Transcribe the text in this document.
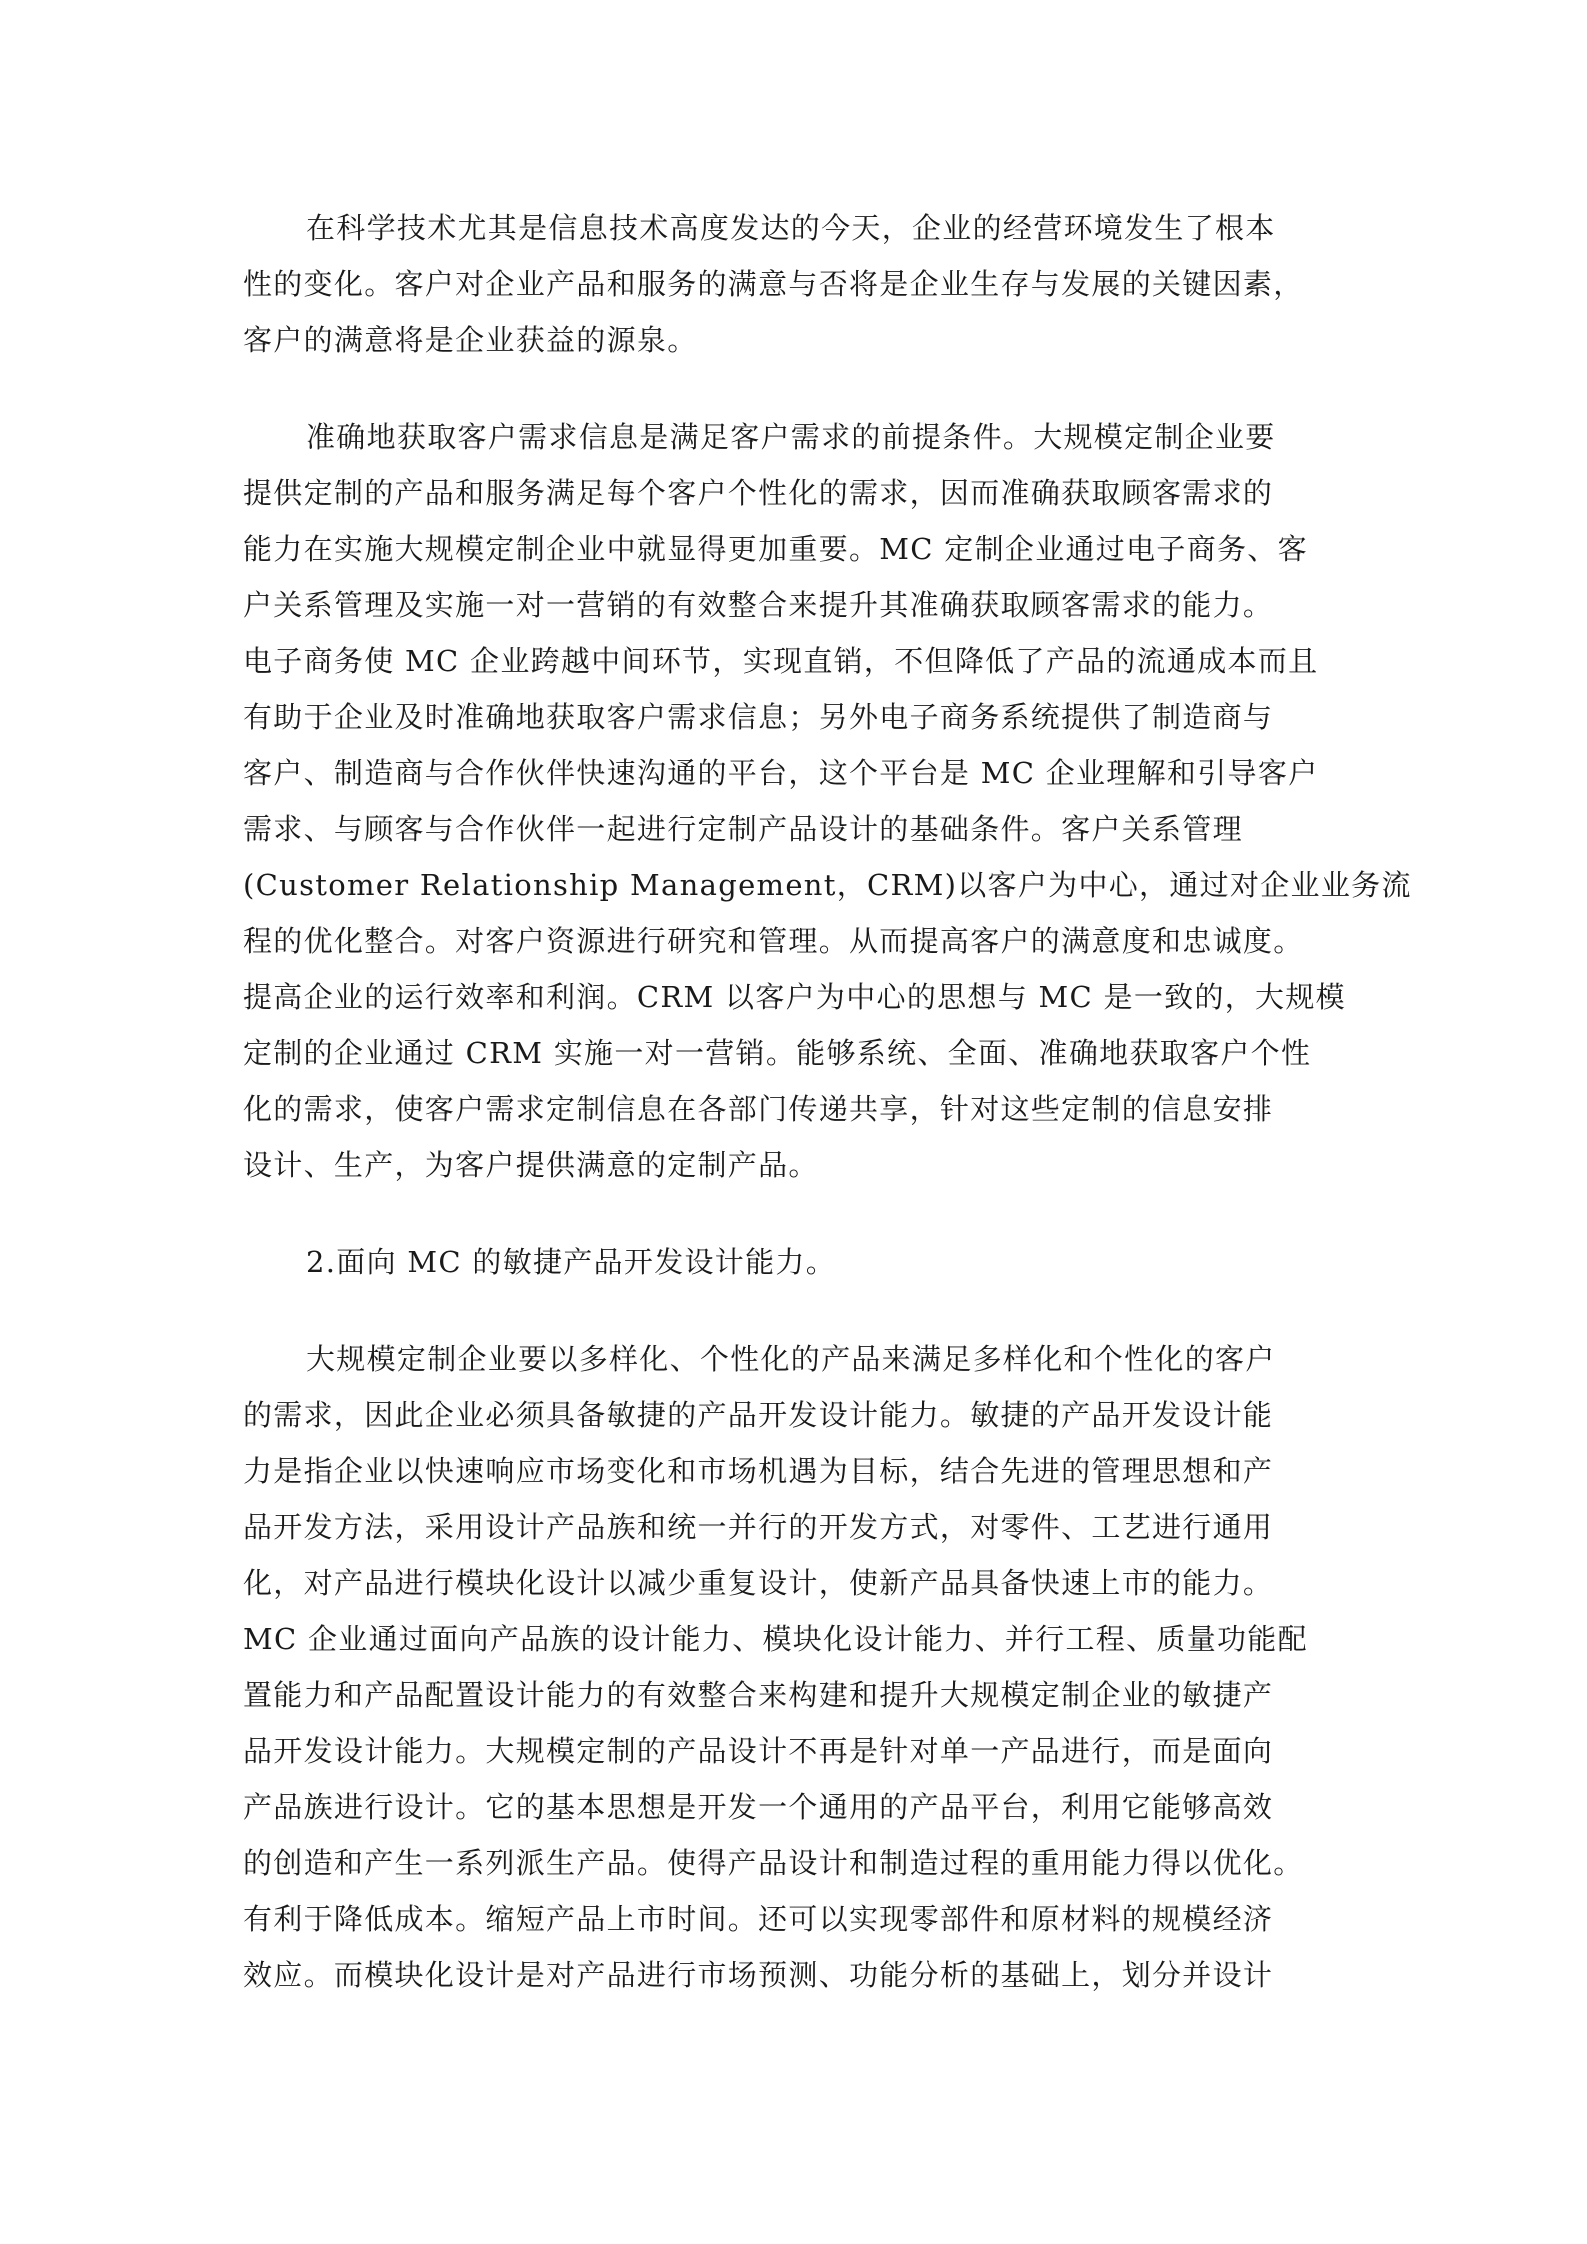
在科学技术尤其是信息技术高度发达的今天，企业的经营环境发生了根本
性的变化。客户对企业产品和服务的满意与否将是企业生存与发展的关键因素，
客户的满意将是企业获益的源泉。
准确地获取客户需求信息是满足客户需求的前提条件。大规模定制企业要
提供定制的产品和服务满足每个客户个性化的需求，因而准确获取顾客需求的
能力在实施大规模定制企业中就显得更加重要。MC 定制企业通过电子商务、客
户关系管理及实施一对一营销的有效整合来提升其准确获取顾客需求的能力。
电子商务使 MC 企业跨越中间环节，实现直销，不但降低了产品的流通成本而且
有助于企业及时准确地获取客户需求信息；另外电子商务系统提供了制造商与
客户、制造商与合作伙伴快速沟通的平台，这个平台是 MC 企业理解和引导客户
需求、与顾客与合作伙伴一起进行定制产品设计的基础条件。客户关系管理
(Customer Relationship Management，CRM)以客户为中心，通过对企业业务流
程的优化整合。对客户资源进行研究和管理。从而提高客户的满意度和忠诚度。
提高企业的运行效率和利润。CRM 以客户为中心的思想与 MC 是一致的，大规模
定制的企业通过 CRM 实施一对一营销。能够系统、全面、准确地获取客户个性
化的需求，使客户需求定制信息在各部门传递共享，针对这些定制的信息安排
设计、生产，为客户提供满意的定制产品。
2.面向 MC 的敏捷产品开发设计能力。
大规模定制企业要以多样化、个性化的产品来满足多样化和个性化的客户
的需求，因此企业必须具备敏捷的产品开发设计能力。敏捷的产品开发设计能
力是指企业以快速响应市场变化和市场机遇为目标，结合先进的管理思想和产
品开发方法，采用设计产品族和统一并行的开发方式，对零件、工艺进行通用
化，对产品进行模块化设计以减少重复设计，使新产品具备快速上市的能力。
MC 企业通过面向产品族的设计能力、模块化设计能力、并行工程、质量功能配
置能力和产品配置设计能力的有效整合来构建和提升大规模定制企业的敏捷产
品开发设计能力。大规模定制的产品设计不再是针对单一产品进行，而是面向
产品族进行设计。它的基本思想是开发一个通用的产品平台，利用它能够高效
的创造和产生一系列派生产品。使得产品设计和制造过程的重用能力得以优化。
有利于降低成本。缩短产品上市时间。还可以实现零部件和原材料的规模经济
效应。而模块化设计是对产品进行市场预测、功能分析的基础上，划分并设计
